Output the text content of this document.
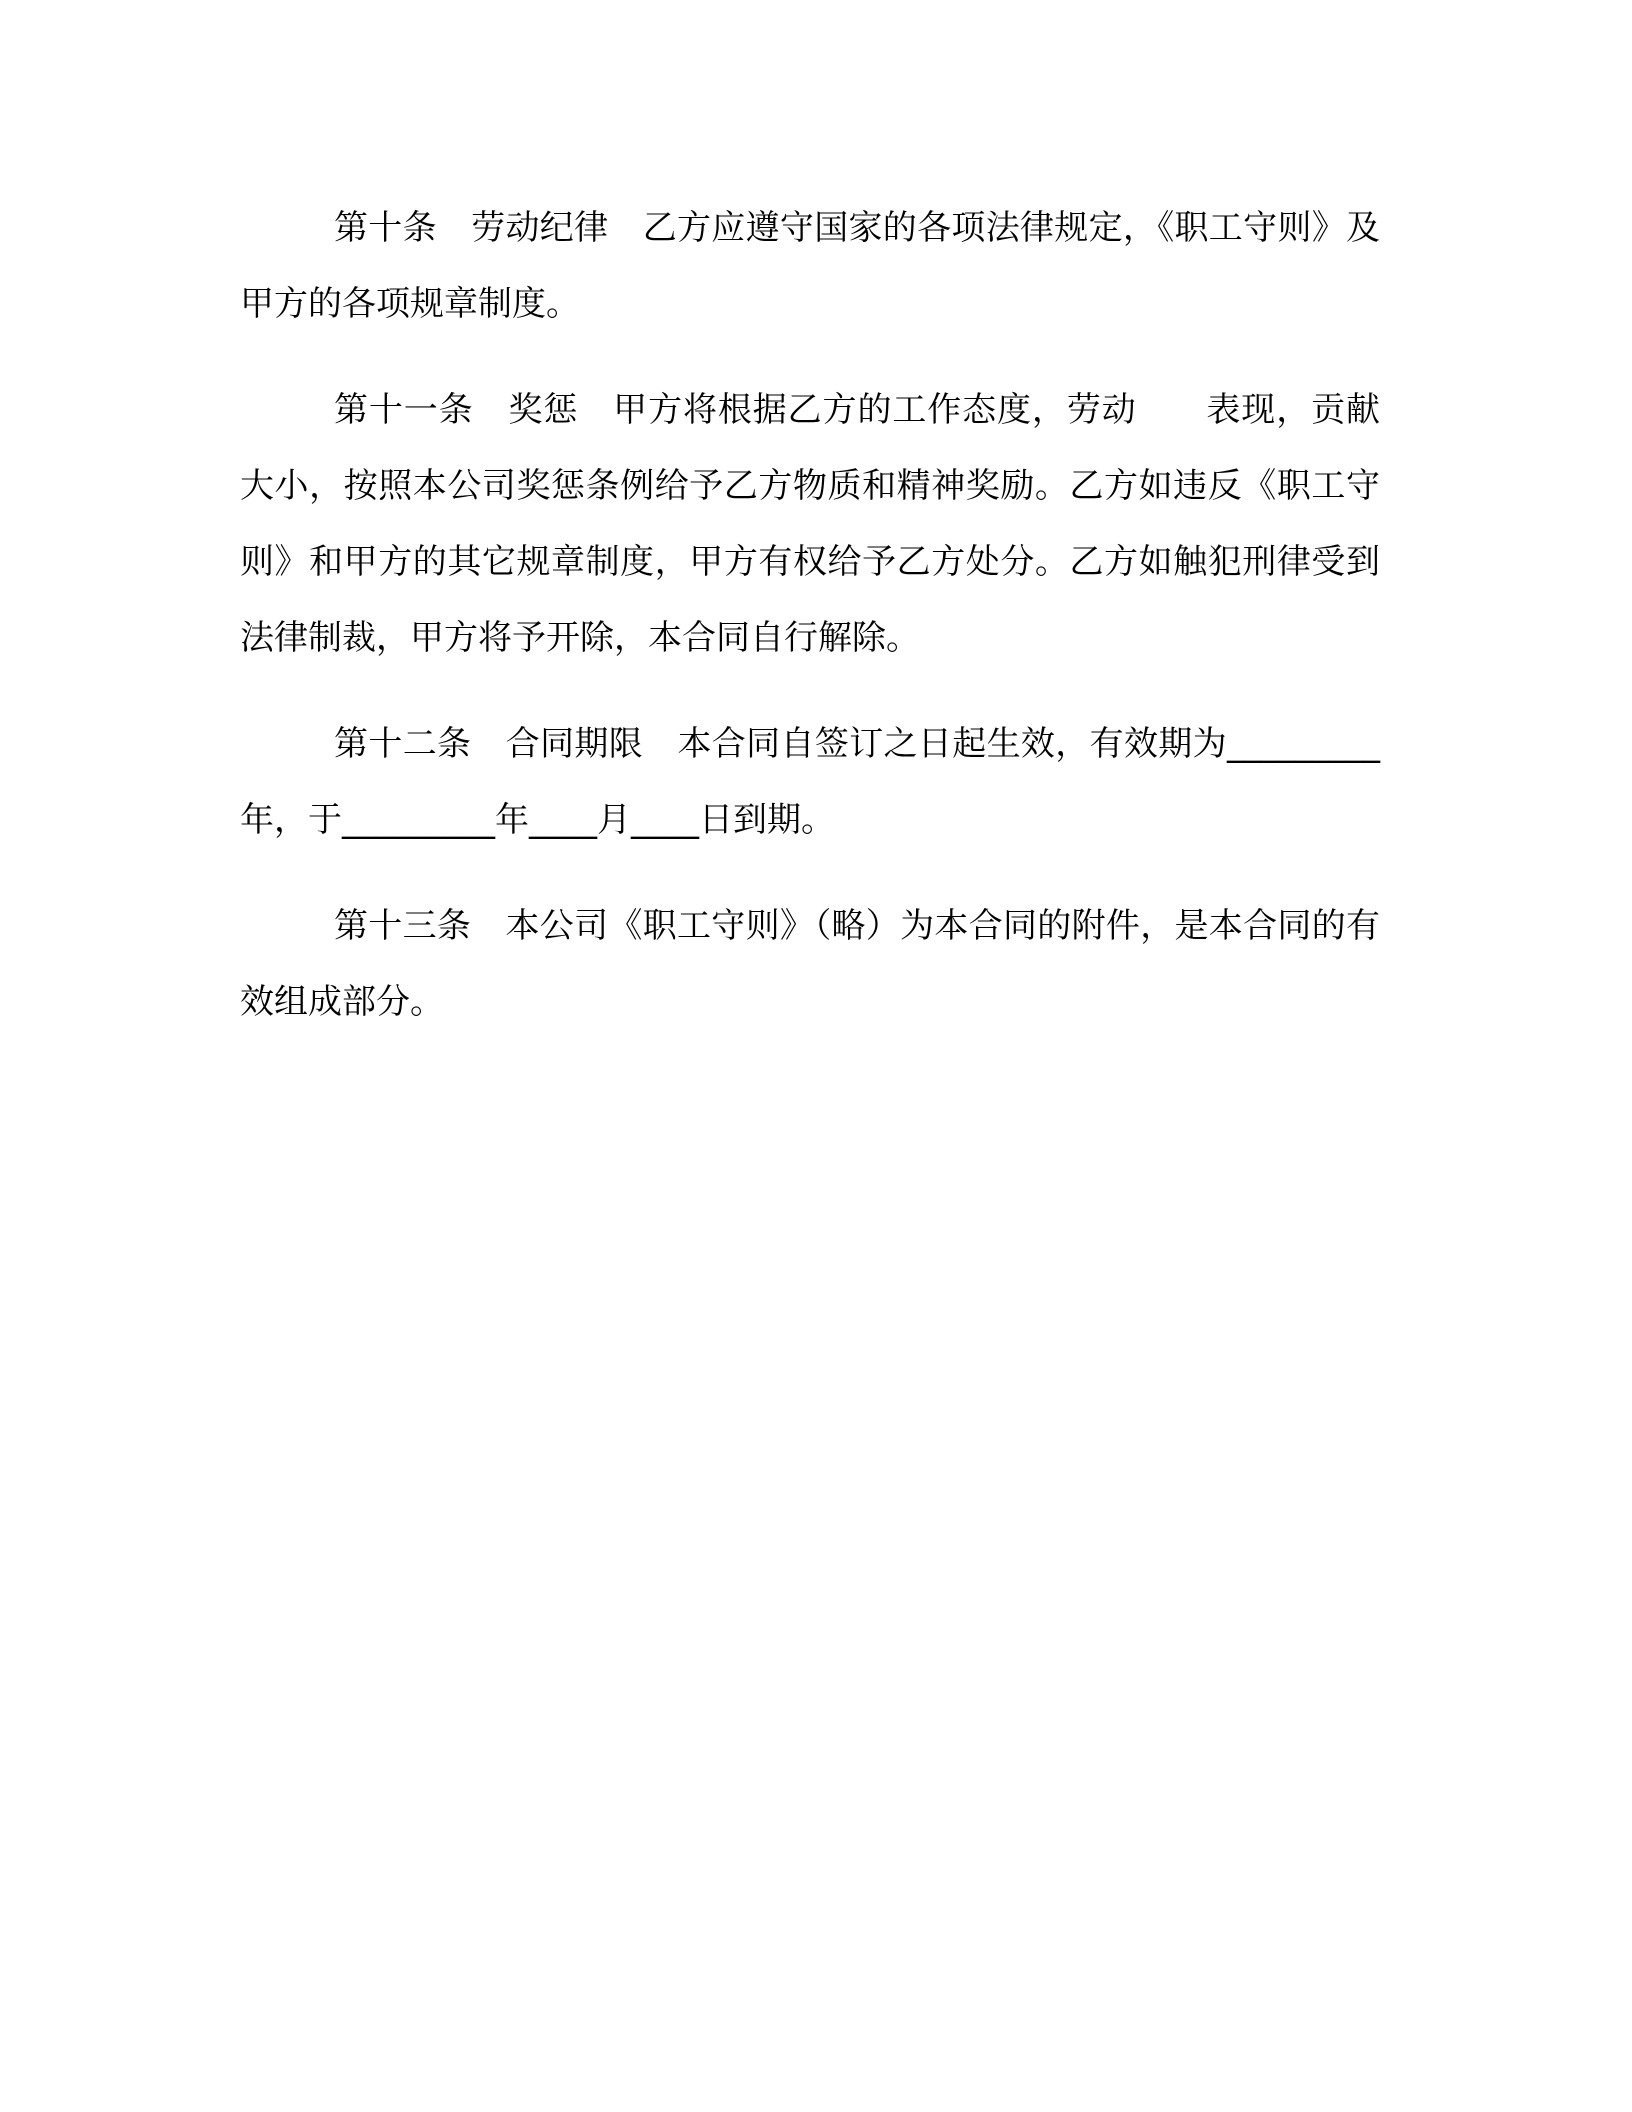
第十条　劳动纪律　乙方应遵守国家的各项法律规定，《职工守则》及甲方的各项规章制度。

第十一条　奖惩　甲方将根据乙方的工作态度，劳动　　表现，贡献大小，按照本公司奖惩条例给予乙方物质和精神奖励。乙方如违反《职工守则》和甲方的其它规章制度，甲方有权给予乙方处分。乙方如触犯刑律受到法律制裁，甲方将予开除，本合同自行解除。

第十二条　合同期限　本合同自签订之日起生效，有效期为_________年，于_________年____月____日到期。

第十三条　本公司《职工守则》（略）为本合同的附件，是本合同的有效组成部分。
